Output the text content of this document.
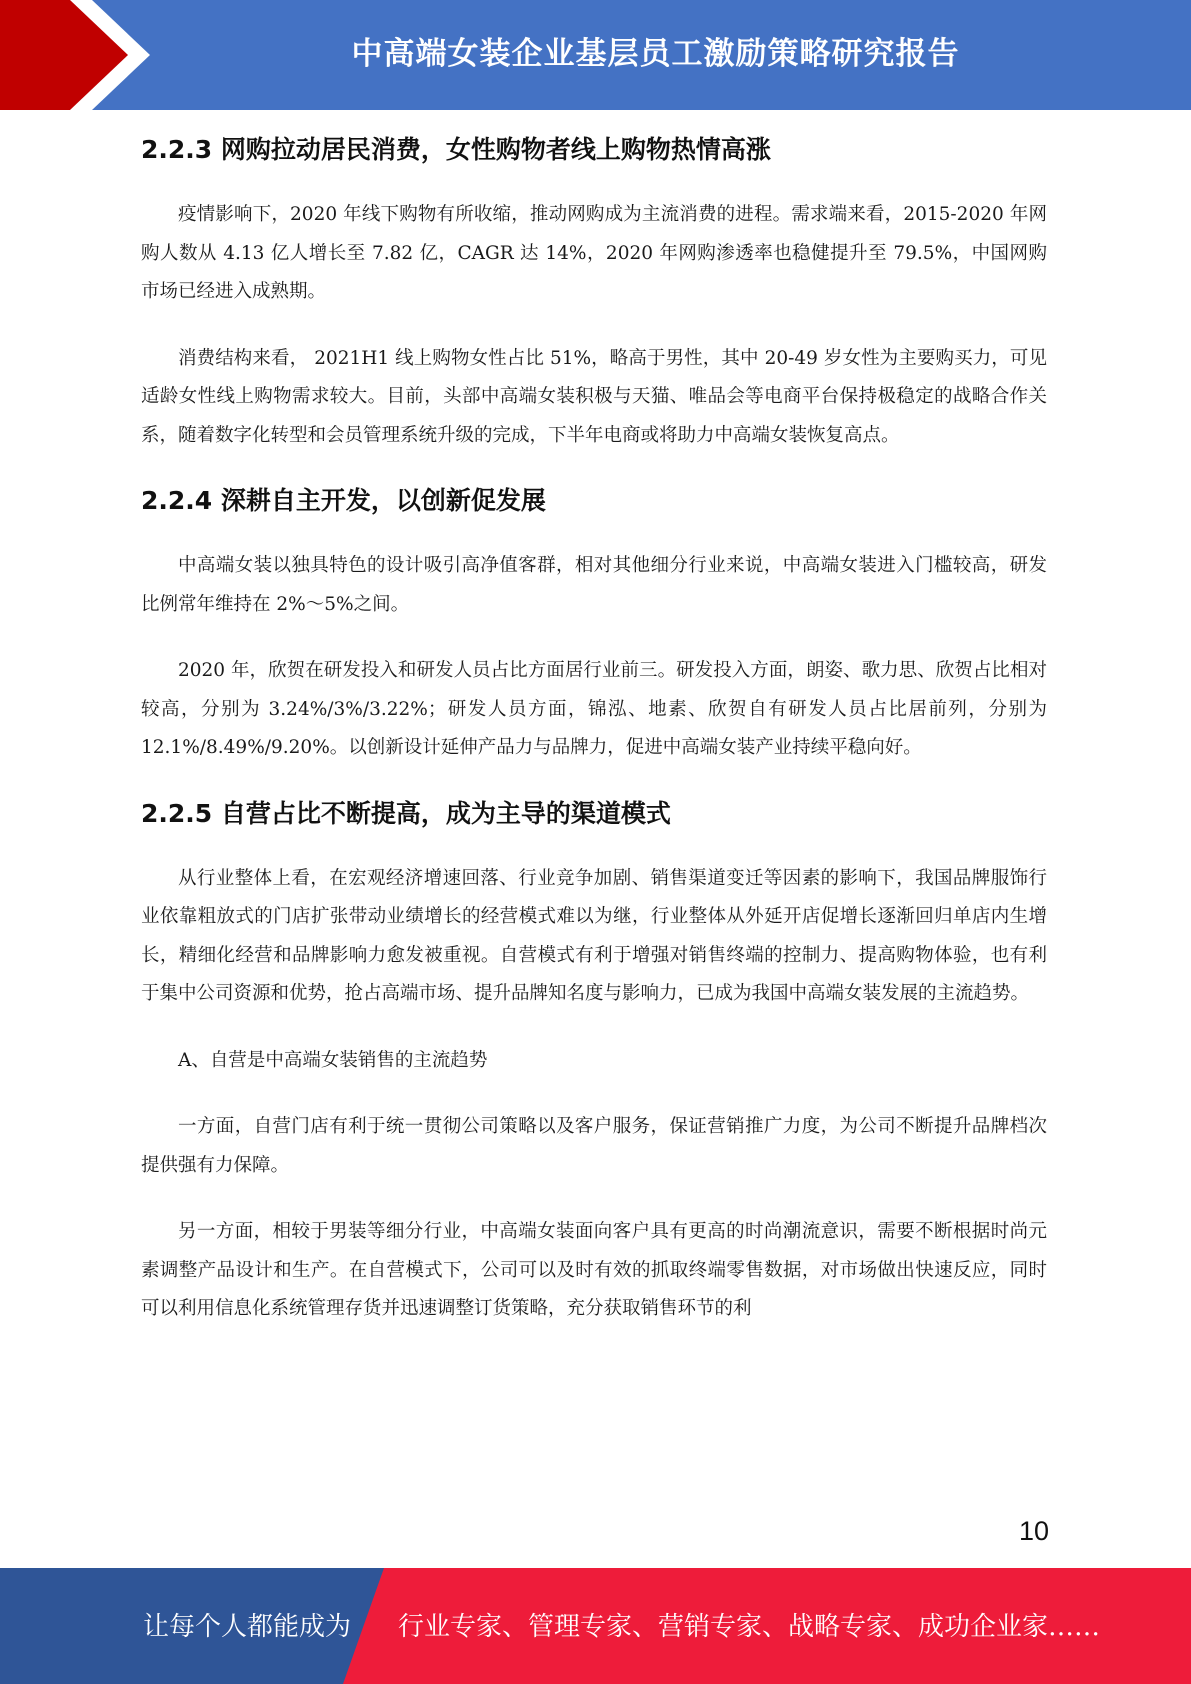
中高端女装企业基层员工激励策略研究报告
2.2.3 网购拉动居民消费，女性购物者线上购物热情高涨

疫情影响下，2020 年线下购物有所收缩，推动网购成为主流消费的进程。需求端来看，2015-2020 年网购人数从 4.13 亿人增长至 7.82 亿，CAGR 达 14%，2020 年网购渗透率也稳健提升至 79.5%，中国网购市场已经进入成熟期。

消费结构来看， 2021H1 线上购物女性占比 51%，略高于男性，其中 20-49 岁女性为主要购买力，可见适龄女性线上购物需求较大。目前，头部中高端女装积极与天猫、唯品会等电商平台保持极稳定的战略合作关系，随着数字化转型和会员管理系统升级的完成，下半年电商或将助力中高端女装恢复高点。

2.2.4 深耕自主开发，以创新促发展

中高端女装以独具特色的设计吸引高净值客群，相对其他细分行业来说，中高端女装进入门槛较高，研发比例常年维持在 2%～5%之间。

2020 年，欣贺在研发投入和研发人员占比方面居行业前三。研发投入方面，朗姿、歌力思、欣贺占比相对较高，分别为 3.24%/3%/3.22%；研发人员方面，锦泓、地素、欣贺自有研发人员占比居前列，分别为 12.1%/8.49%/9.20%。以创新设计延伸产品力与品牌力，促进中高端女装产业持续平稳向好。

2.2.5 自营占比不断提高，成为主导的渠道模式

从行业整体上看，在宏观经济增速回落、行业竞争加剧、销售渠道变迁等因素的影响下，我国品牌服饰行业依靠粗放式的门店扩张带动业绩增长的经营模式难以为继，行业整体从外延开店促增长逐渐回归单店内生增长，精细化经营和品牌影响力愈发被重视。自营模式有利于增强对销售终端的控制力、提高购物体验，也有利于集中公司资源和优势，抢占高端市场、提升品牌知名度与影响力，已成为我国中高端女装发展的主流趋势。

A、自营是中高端女装销售的主流趋势

一方面，自营门店有利于统一贯彻公司策略以及客户服务，保证营销推广力度，为公司不断提升品牌档次提供强有力保障。

另一方面，相较于男装等细分行业，中高端女装面向客户具有更高的时尚潮流意识，需要不断根据时尚元素调整产品设计和生产。在自营模式下，公司可以及时有效的抓取终端零售数据，对市场做出快速反应，同时可以利用信息化系统管理存货并迅速调整订货策略，充分获取销售环节的利

10
让每个人都能成为 行业专家、管理专家、营销专家、战略专家、成功企业家……
